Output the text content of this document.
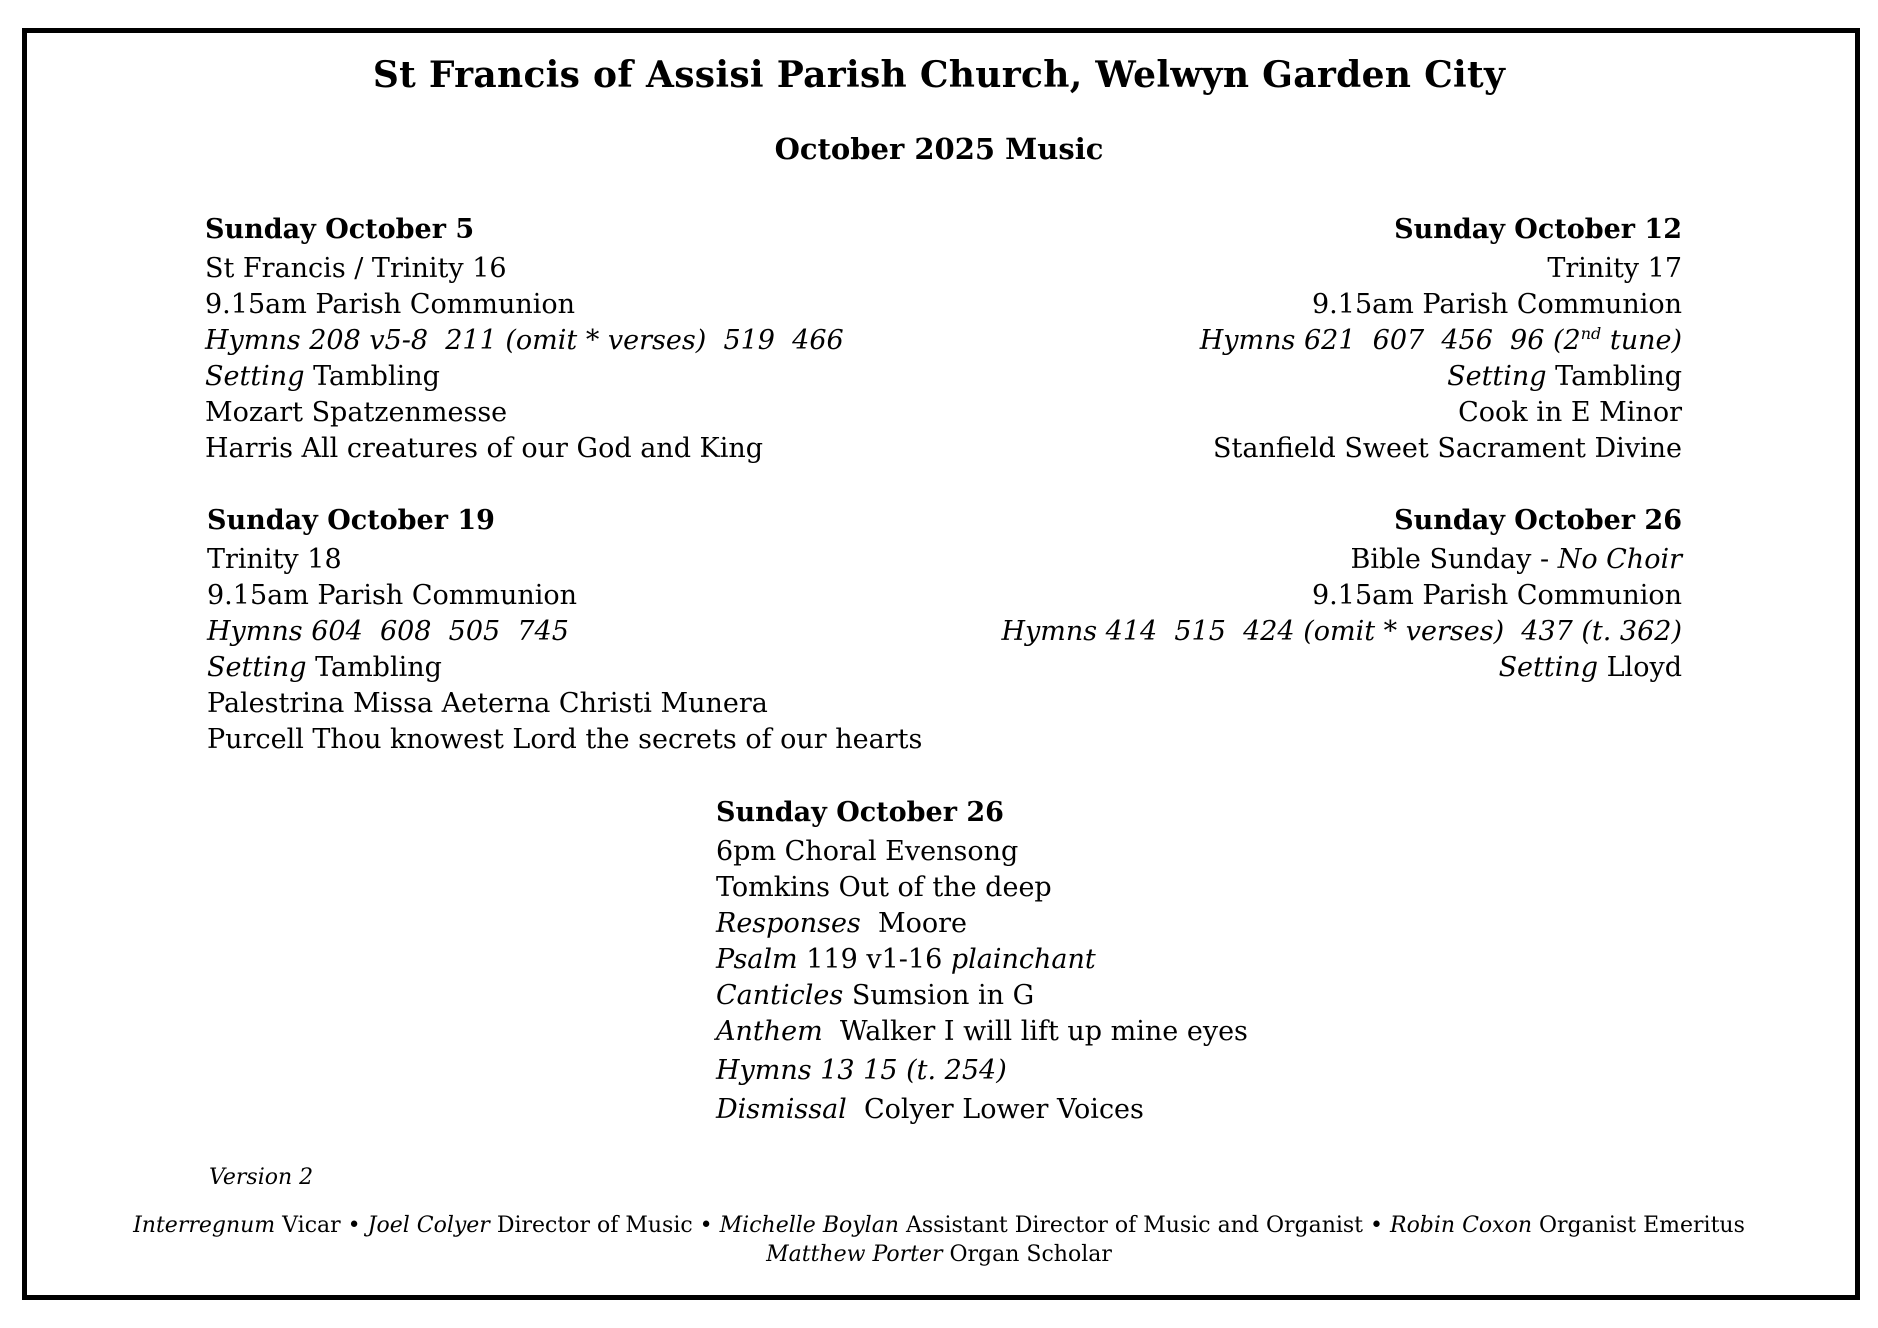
St Francis of Assisi Parish Church, Welwyn Garden City
October 2025 Music
Sunday October 5
St Francis / Trinity 16
9.15am Parish Communion
Hymns 208 v5-8  211 (omit * verses)  519  466
Setting Tambling
Mozart Spatzenmesse
Harris All creatures of our God and King
Sunday October 12
Trinity 17
9.15am Parish Communion
Hymns 621  607  456  96 (2nd tune)
Setting Tambling
Cook in E Minor
Stanfield Sweet Sacrament Divine
Sunday October 19
Trinity 18
9.15am Parish Communion
Hymns 604  608  505  745
Setting Tambling
Palestrina Missa Aeterna Christi Munera
Purcell Thou knowest Lord the secrets of our hearts
Sunday October 26
Bible Sunday - No Choir
9.15am Parish Communion
Hymns 414  515  424 (omit * verses)  437 (t. 362)
Setting Lloyd
Sunday October 26
6pm Choral Evensong
Tomkins Out of the deep
Responses  Moore
Psalm 119 v1-16 plainchant
Canticles Sumsion in G
Anthem  Walker I will lift up mine eyes
Hymns 13 15 (t. 254)
Dismissal  Colyer Lower Voices
Version 2
Interregnum Vicar • Joel Colyer Director of Music • Michelle Boylan Assistant Director of Music and Organist • Robin Coxon Organist Emeritus
Matthew Porter Organ Scholar
